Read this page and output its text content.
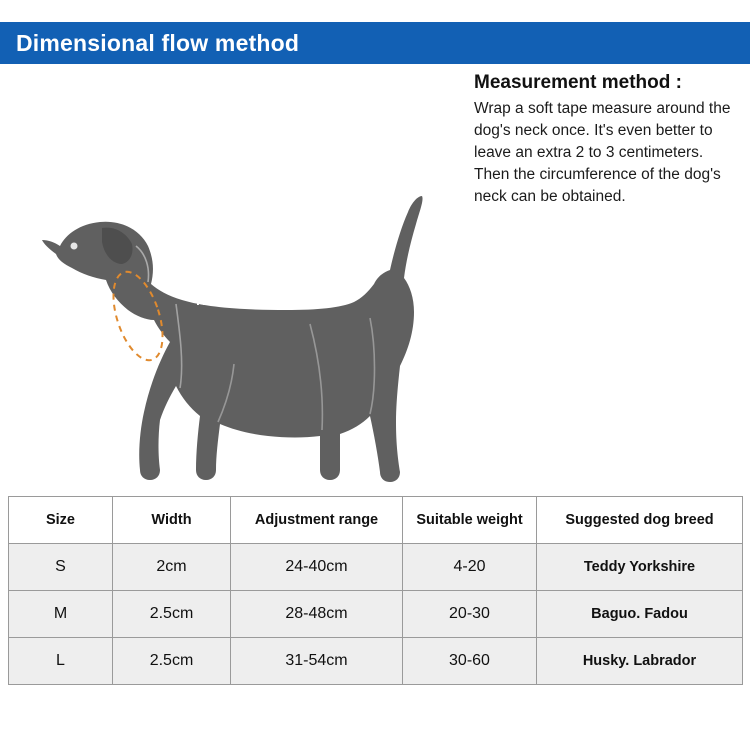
Dimensional flow method
NECK
Measurement method :
Wrap a soft tape measure around the dog's neck once. It's even better to leave an extra 2 to 3 centimeters. Then the circumference of the dog's neck can be obtained.
Size	Width	Adjustment range	Suitable weight	Suggested dog breed
S	2cm	24-40cm	4-20	Teddy Yorkshire
M	2.5cm	28-48cm	20-30	Baguo. Fadou
L	2.5cm	31-54cm	30-60	Husky. Labrador
